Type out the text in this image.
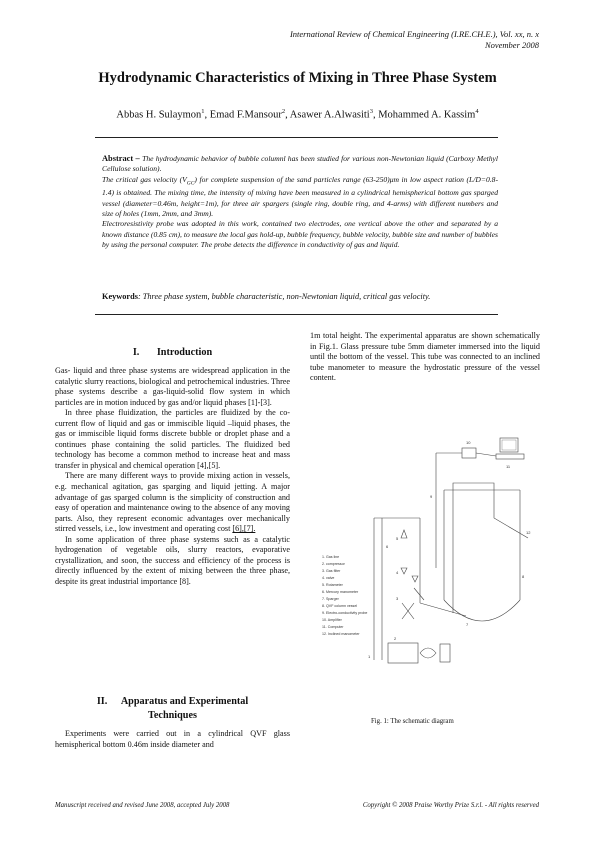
International Review of Chemical Engineering (I.RE.CH.E.), Vol. xx, n. x
November 2008
Hydrodynamic Characteristics of Mixing in Three Phase System
Abbas H. Sulaymon$^1$, Emad F.Mansour$^2$, Asawer A.Alwasiti$^3$, Mohammed A. Kassim$^4$

Abstract – The hydrodynamic behavior of bubble columnl has been studied for various non-Newtonian liquid (Carboxy Methyl Cellulose solution).

The critical gas velocity $(V_{GC})$ for complete suspension of the sand particles range (63-250)μm in low aspect ration (L/D=0.8-1.4) is obtained. The mixing time, the intensity of mixing have been measured in a cylindrical hemispherical bottom gas sparged vessel (diameter=0.46m, height=1m), for three air spargers (single ring, double ring, and 4-arms) with different numbers and size of holes (1mm, 2mm, and 3mm).

Electroresistivity probe was adopted in this work, contained two electrodes, one vertical above the other and separated by a known distance (0.85 cm), to measure the local gas hold-up, bubble frequency, bubble velocity, bubble size and number of bubbles by using the personal computer. The probe detects the difference in conductivity of gas and liquid.

Keywords: Three phase system, bubble characteristic, non-Newtonian liquid, critical gas velocity.
I. Introduction

Gas- liquid and three phase systems are widespread application in the catalytic slurry reactions, biological and petrochemical industries. Three phase systems describe a gas-liquid-solid flow system in which particles are in motion induced by gas and/or liquid phases [1]-[3].

In three phase fluidization, the particles are fluidized by the co-current flow of liquid and gas or immiscible liquid –liquid phases, the gas or immiscible liquid forms discrete bubble or droplet phase and a continues phase containing the solid particles. The fluidized bed technology has become a common method to increase heat and mass transfer in physical and chemical operation [4],[5].

There are many different ways to provide mixing action in vessels, e.g. mechanical agitation, gas sparging and liquid jetting. A major advantage of gas sparged column is the simplicity of construction and easy of operation and maintenance owing to the absence of any moving parts. Also, they represent economic advantages over mechanically stirred vessels, i.e., low investment and operating cost [6],[7].

In some application of three phase systems such as a catalytic hydrogenation of vegetable oils, slurry reactors, evaporative crystallization, and soon, the success and efficiency of the process is directly influenced by the extent of mixing between the three phase, despite its great industrial importance [8].

II. Apparatus and Experimental
Techniques

Experiments were carried out in a cylindrical QVF glass hemispherical bottom 0.46m inside diameter and

1m total height. The experimental apparatus are shown schematically in Fig.1. Glass pressure tube 5mm diameter immersed into the liquid until the bottom of the vessel. This tube was connected to an inclined tube manometer to measure the hydrostatic pressure of the vessel content.

1. Gas line
2. compressor
3. Gas filter
4. valve
5. Rotameter
6. Mercury manometer
7. Sparger
8. QVF column vessel
9. Electro-conductivity probe
10. Amplifier
11. Computer
12. Inclined manometer
1
2
3
4
5
6
7
8
9
10
11
12
Fig. 1: The schematic diagram
Manuscript received and revised June 2008, accepted July 2008	Copyright © 2008 Praise Worthy Prize S.r.l. - All rights reserved
